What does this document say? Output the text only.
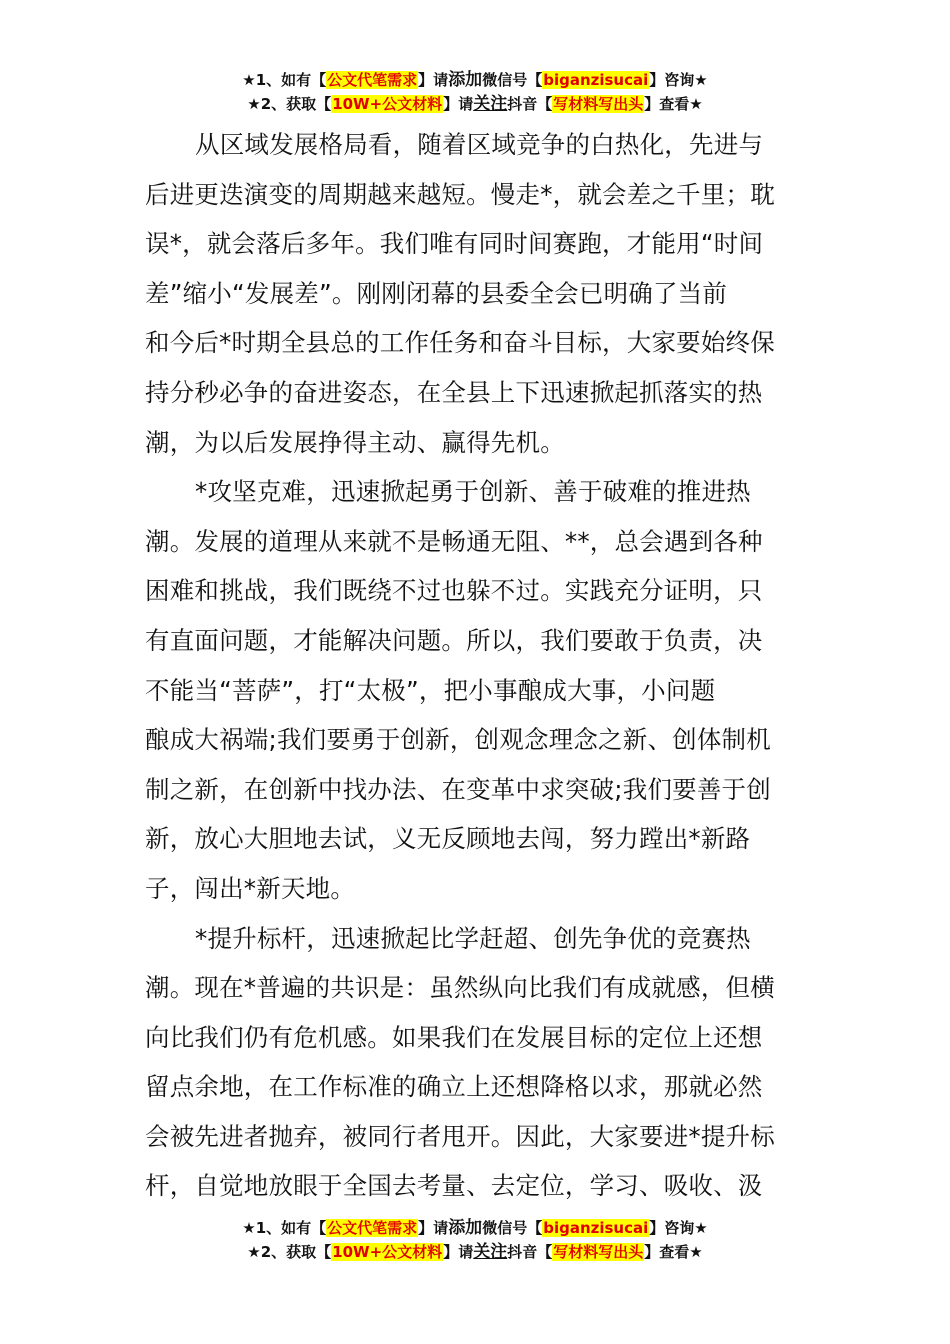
★1、如有【公文代笔需求】请添加微信号【biganzisucai】咨询★
★2、获取【10W+公文材料】请关注抖音【写材料写出头】查看★

从区域发展格局看，随着区域竞争的白热化，先进与
后进更迭演变的周期越来越短。慢走*，就会差之千里；耽
误*，就会落后多年。我们唯有同时间赛跑，才能用“时间
差”缩小“发展差”。刚刚闭幕的县委全会已明确了当前
和今后*时期全县总的工作任务和奋斗目标，大家要始终保
持分秒必争的奋进姿态，在全县上下迅速掀起抓落实的热
潮，为以后发展挣得主动、赢得先机。

*攻坚克难，迅速掀起勇于创新、善于破难的推进热
潮。发展的道理从来就不是畅通无阻、**，总会遇到各种
困难和挑战，我们既绕不过也躲不过。实践充分证明，只
有直面问题，才能解决问题。所以，我们要敢于负责，决
不能当“菩萨”，打“太极”，把小事酿成大事，小问题
酿成大祸端;我们要勇于创新，创观念理念之新、创体制机
制之新，在创新中找办法、在变革中求突破;我们要善于创
新，放心大胆地去试，义无反顾地去闯，努力蹚出*新路
子，闯出*新天地。

*提升标杆，迅速掀起比学赶超、创先争优的竞赛热
潮。现在*普遍的共识是：虽然纵向比我们有成就感，但横
向比我们仍有危机感。如果我们在发展目标的定位上还想
留点余地，在工作标准的确立上还想降格以求，那就必然
会被先进者抛弃，被同行者甩开。因此，大家要进*提升标
杆，自觉地放眼于全国去考量、去定位，学习、吸收、汲

★1、如有【公文代笔需求】请添加微信号【biganzisucai】咨询★
★2、获取【10W+公文材料】请关注抖音【写材料写出头】查看★
